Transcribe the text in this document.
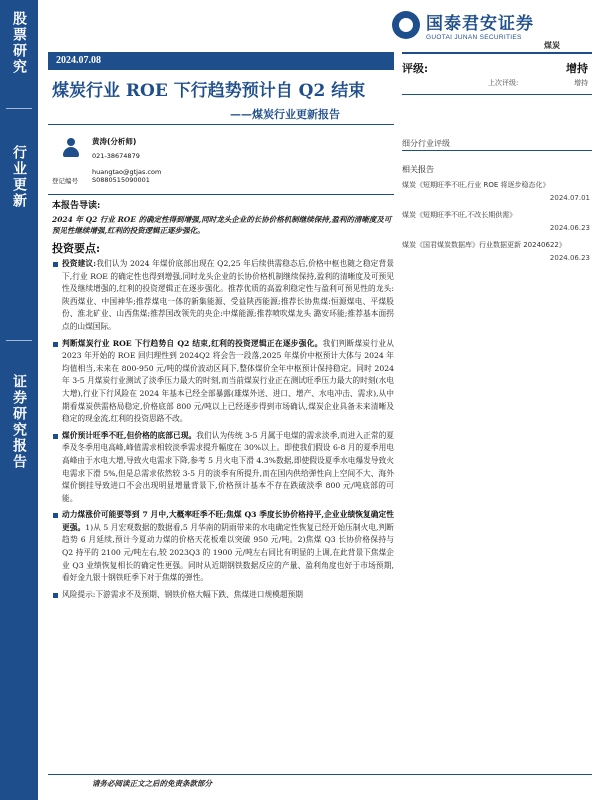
股票研究
行业更新
证券研究报告
国泰君安证券
GUOTAI JUNAN SECURITIES
煤炭
2024.07.08
煤炭行业 ROE 下行趋势预计自 Q2 结束
——煤炭行业更新报告
评级:	增持
上次评级:	增持
细分行业评级
相关报告
煤炭《短期旺季不旺,行业 ROE 将逐步稳态化》
2024.07.01
煤炭《短期旺季不旺,不改长期供需》
2024.06.23
煤炭《国君煤炭数据库》行业数据更新 20240622》
2024.06.23
黄涛(分析师)
021-38674879
huangtao@gtjas.com
登记编号 S0880515090001
本报告导读:
2024 年 Q2 行业 ROE 的确定性得到增强,同时龙头企业的长协价格机制继续保持,盈利的清晰度及可预见性继续增强,红利的投资逻辑正逐步强化。
投资要点:
投资建议:我们认为 2024 年煤价底部出现在 Q2,25 年后续供需稳态后,价格中枢也随之稳定背景下,行业 ROE 的确定性也得到增强,同时龙头企业的长协价格机制继续保持,盈利的清晰度及可预见性及继续增强的,红利的投资逻辑正在逐步强化。推荐优质的高盈利稳定性与盈利可预见性的龙头:陕西煤业、中国神华;推荐煤电一体的新集能源、受益陕西能源;推荐长协焦煤:恒源煤电、平煤股份、淮北矿业、山西焦煤;推荐国改领先的央企:中煤能源;推荐喷吹煤龙头 潞安环能;推荐基本面拐点的山煤国际。
判断煤炭行业 ROE 下行趋势自 Q2 结束,红利的投资逻辑正在逐步强化。我们判断煤炭行业从 2023 年开始的 ROE 回归理性到 2024Q2 将会告一段落,2025 年煤价中枢预计大体与 2024 年均值相当,未来在 800-950 元/吨的煤价波动区间下,整体煤价全年中枢预计保持稳定。同时 2024 年 3-5 月煤炭行业测试了淡季压力最大的时刻,而当前煤炭行业正在测试旺季压力最大的时刻(水电大增),行业下行风险在 2024 年基本已经全部暴露(雄煤外送、进口、增产、水电冲击、需求),从中期看煤炭供需格局稳定,价格底部 800 元/吨以上已经逐步得到市场确认,煤炭企业具备未来清晰及稳定的现金流,红利的投资思路不改。
煤价预计旺季不旺,但价格的底部已现。我们认为传统 3-5 月属于电煤的需求淡季,而进入正常的夏季及冬季用电高峰,峰值需求相较淡季需求提升幅度在 30%以上。即使我们假设 6-8 月的夏季用电高峰由于水电大增,导致火电需求下降,参考 5 月火电下滑 4.3%数据,即使假设夏季水电爆发导致火电需求下滑 5%,但是总需求依然较 3-5 月的淡季有所提升,而在国内供给弹性向上空间不大、海外煤价倒挂导致进口不会出现明显增量背景下,价格预计基本不存在跌破淡季 800 元/吨底部的可能。
动力煤涨价可能要等到 7 月中,大概率旺季不旺;焦煤 Q3 季度长协价格持平,企业业绩恢复确定性更强。1)从 5 月宏观数据的数据看,5 月华南的阴雨带来的水电确定性恢复已经开始压制火电,判断趋势 6 月延续,预计今夏动力煤的价格天花板难以突破 950 元/吨。2)焦煤 Q3 长协价格保持与 Q2 持平的 2100 元/吨左右,较 2023Q3 的 1900 元/吨左右同比有明显的上调,在此背景下焦煤企业 Q3 业绩恢复相长的确定性更强。同时从近期钢铁数据反应的产量、盈利角度也好于市场预期,看好金九银十钢铁旺季下对于焦煤的弹性。
风险提示:下游需求不及预期、钢铁价格大幅下跌、焦煤进口规模超预期
请务必阅读正文之后的免责条款部分
